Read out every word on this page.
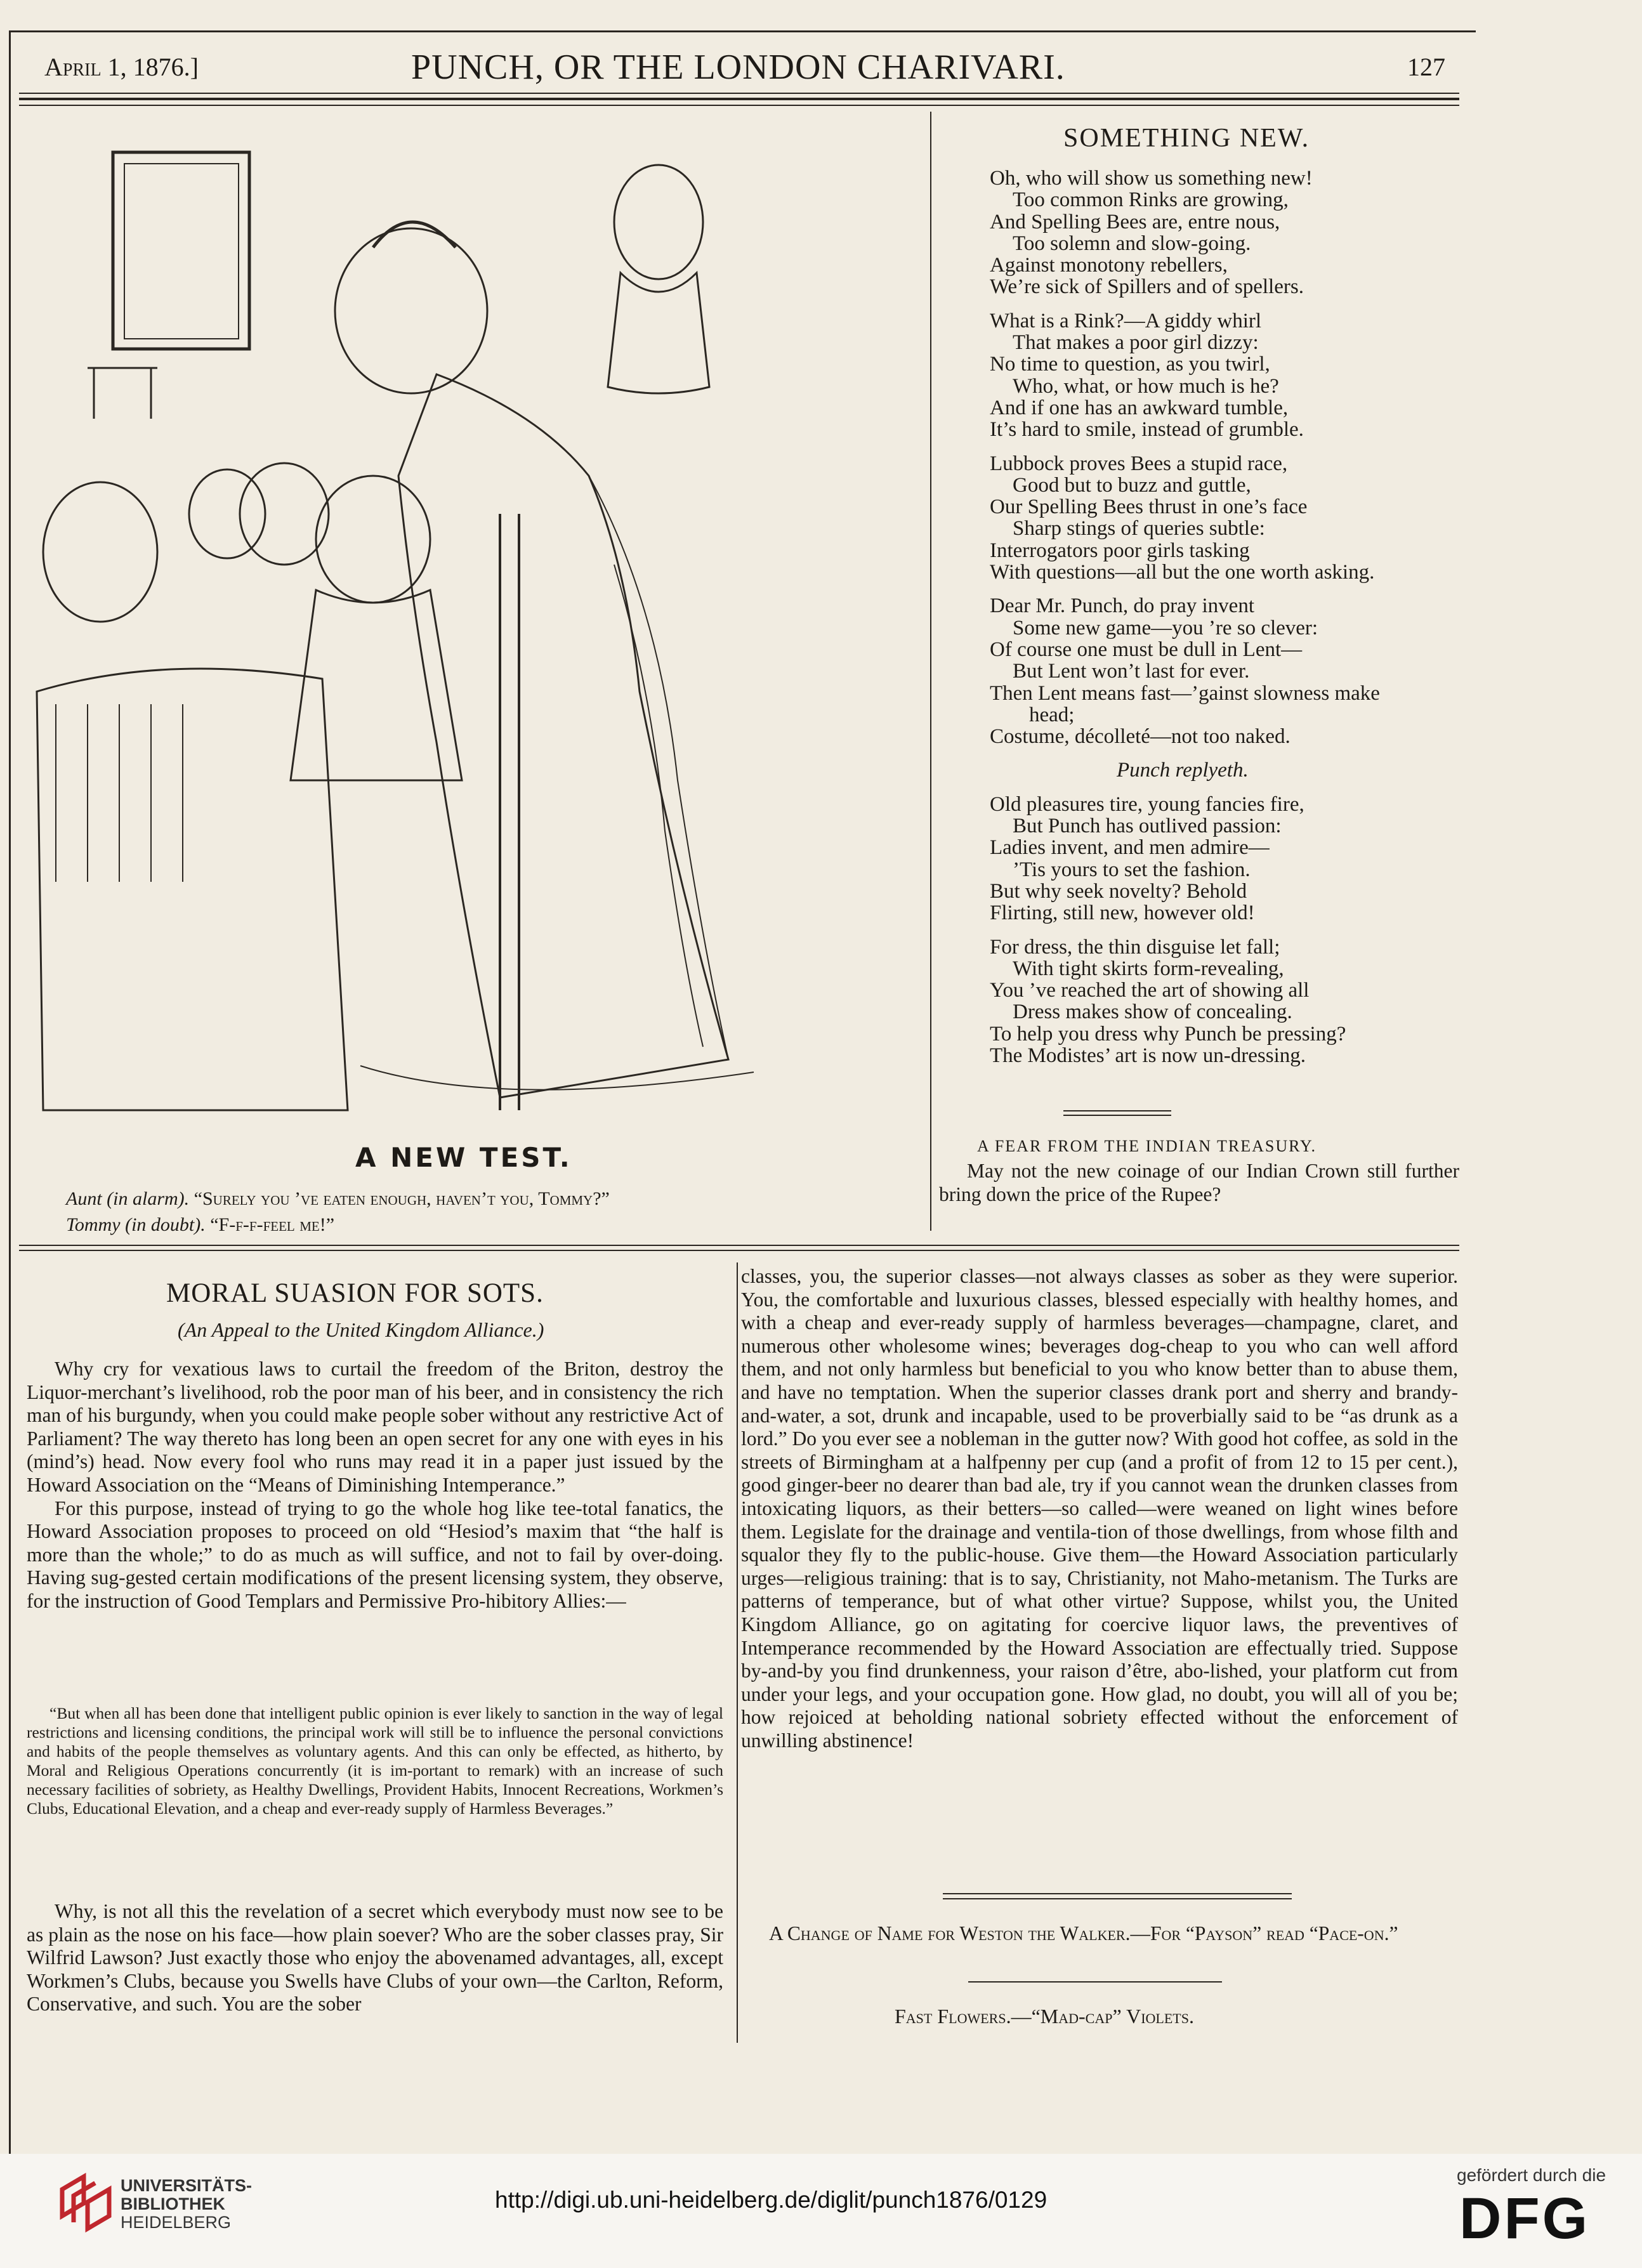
April 1, 1876.]	PUNCH, OR THE LONDON CHARIVARI.	127
A NEW TEST.
Aunt (in alarm). “Surely you ’ve eaten enough, haven’t you, Tommy?”
Tommy (in doubt). “F-f-f-feel me!”
SOMETHING NEW.
Oh, who will show us something new!
Too common Rinks are growing,
And Spelling Bees are, entre nous,
Too solemn and slow-going.
Against monotony rebellers,
We’re sick of Spillers and of spellers.
What is a Rink?—A giddy whirl
That makes a poor girl dizzy:
No time to question, as you twirl,
Who, what, or how much is he?
And if one has an awkward tumble,
It’s hard to smile, instead of grumble.
Lubbock proves Bees a stupid race,
Good but to buzz and guttle,
Our Spelling Bees thrust in one’s face
Sharp stings of queries subtle:
Interrogators poor girls tasking
With questions—all but the one worth asking.
Dear Mr. Punch, do pray invent
Some new game—you ’re so clever:
Of course one must be dull in Lent—
But Lent won’t last for ever.
Then Lent means fast—’gainst slowness make
head;
Costume, décolleté—not too naked.
Punch replyeth.
Old pleasures tire, young fancies fire,
But Punch has outlived passion:
Ladies invent, and men admire—
’Tis yours to set the fashion.
But why seek novelty? Behold
Flirting, still new, however old!
For dress, the thin disguise let fall;
With tight skirts form-revealing,
You ’ve reached the art of showing all
Dress makes show of concealing.
To help you dress why Punch be pressing?
The Modistes’ art is now un-dressing.
A FEAR FROM THE INDIAN TREASURY.
May not the new coinage of our Indian Crown still further bring down the price of the Rupee?
MORAL SUASION FOR SOTS.
(An Appeal to the United Kingdom Alliance.)

Why cry for vexatious laws to curtail the freedom of the Briton, destroy the Liquor-merchant’s livelihood, rob the poor man of his beer, and in consistency the rich man of his burgundy, when you could make people sober without any restrictive Act of Parliament? The way thereto has long been an open secret for any one with eyes in his (mind’s) head. Now every fool who runs may read it in a paper just issued by the Howard Association on the “Means of Diminishing Intemperance.”

For this purpose, instead of trying to go the whole hog like tee-total fanatics, the Howard Association proposes to proceed on old “Hesiod’s maxim that “the half is more than the whole;” to do as much as will suffice, and not to fail by over-doing. Having sug-gested certain modifications of the present licensing system, they observe, for the instruction of Good Templars and Permissive Pro-hibitory Allies:—

“But when all has been done that intelligent public opinion is ever likely to sanction in the way of legal restrictions and licensing conditions, the principal work will still be to influence the personal convictions and habits of the people themselves as voluntary agents. And this can only be effected, as hitherto, by Moral and Religious Operations concurrently (it is im-portant to remark) with an increase of such necessary facilities of sobriety, as Healthy Dwellings, Provident Habits, Innocent Recreations, Workmen’s Clubs, Educational Elevation, and a cheap and ever-ready supply of Harmless Beverages.”

Why, is not all this the revelation of a secret which everybody must now see to be as plain as the nose on his face—how plain soever? Who are the sober classes pray, Sir Wilfrid Lawson? Just exactly those who enjoy the abovenamed advantages, all, except Workmen’s Clubs, because you Swells have Clubs of your own—the Carlton, Reform, Conservative, and such. You are the sober

classes, you, the superior classes—not always classes as sober as they were superior. You, the comfortable and luxurious classes, blessed especially with healthy homes, and with a cheap and ever-ready supply of harmless beverages—champagne, claret, and numerous other wholesome wines; beverages dog-cheap to you who can well afford them, and not only harmless but beneficial to you who know better than to abuse them, and have no temptation. When the superior classes drank port and sherry and brandy-and-water, a sot, drunk and incapable, used to be proverbially said to be “as drunk as a lord.” Do you ever see a nobleman in the gutter now? With good hot coffee, as sold in the streets of Birmingham at a halfpenny per cup (and a profit of from 12 to 15 per cent.), good ginger-beer no dearer than bad ale, try if you cannot wean the drunken classes from intoxicating liquors, as their betters—so called—were weaned on light wines before them. Legislate for the drainage and ventila-tion of those dwellings, from whose filth and squalor they fly to the public-house. Give them—the Howard Association particularly urges—religious training: that is to say, Christianity, not Maho-metanism. The Turks are patterns of temperance, but of what other virtue? Suppose, whilst you, the United Kingdom Alliance, go on agitating for coercive liquor laws, the preventives of Intemperance recommended by the Howard Association are effectually tried. Suppose by-and-by you find drunkenness, your raison d’être, abo-lished, your platform cut from under your legs, and your occupation gone. How glad, no doubt, you will all of you be; how rejoiced at beholding national sobriety effected without the enforcement of unwilling abstinence!

A Change of Name for Weston the Walker.—For “Payson” read “Pace-on.”

Fast Flowers.—“Mad-cap” Violets.
UNIVERSITÄTS-
BIBLIOTHEK
HEIDELBERG
http://digi.ub.uni-heidelberg.de/diglit/punch1876/0129
gefördert durch die
DFG
